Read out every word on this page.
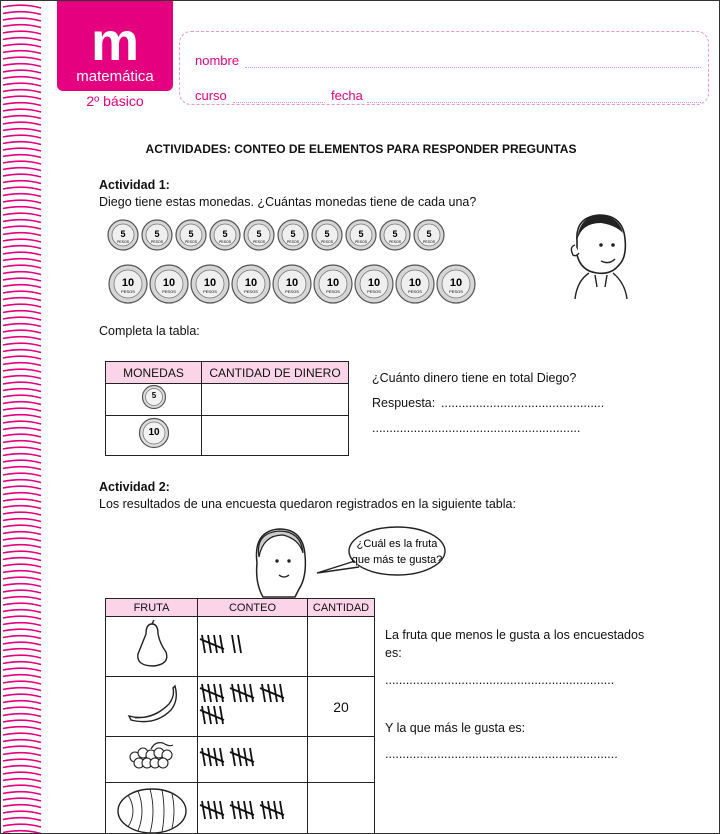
m
matemática
2º básico
nombre
curso	fecha
ACTIVIDADES: CONTEO DE ELEMENTOS PARA RESPONDER PREGUNTAS
Actividad 1:
Diego tiene estas monedas. ¿Cuántas monedas tiene de cada una?
5
PESOS
5
PESOS
5
PESOS
5
PESOS
5
PESOS
5
PESOS
5
PESOS
5
PESOS
5
PESOS
5
PESOS
10
PESOS
10
PESOS
10
PESOS
10
PESOS
10
PESOS
10
PESOS
10
PESOS
10
PESOS
10
PESOS
Completa la tabla:
MONEDAS	CANTIDAD DE DINERO

5	

10	

¿Cuánto dinero tiene en total Diego?
Respuesta: ...............................................
............................................................
Actividad 2:
Los resultados de una encuesta quedaron registrados en la siguiente tabla:
¿Cuál es la fruta
que más te gusta?
FRUTA	CONTEO	CANTIDAD

		20

La fruta que menos le gusta a los encuestados
es:
..................................................................
Y la que más le gusta es:
...................................................................
